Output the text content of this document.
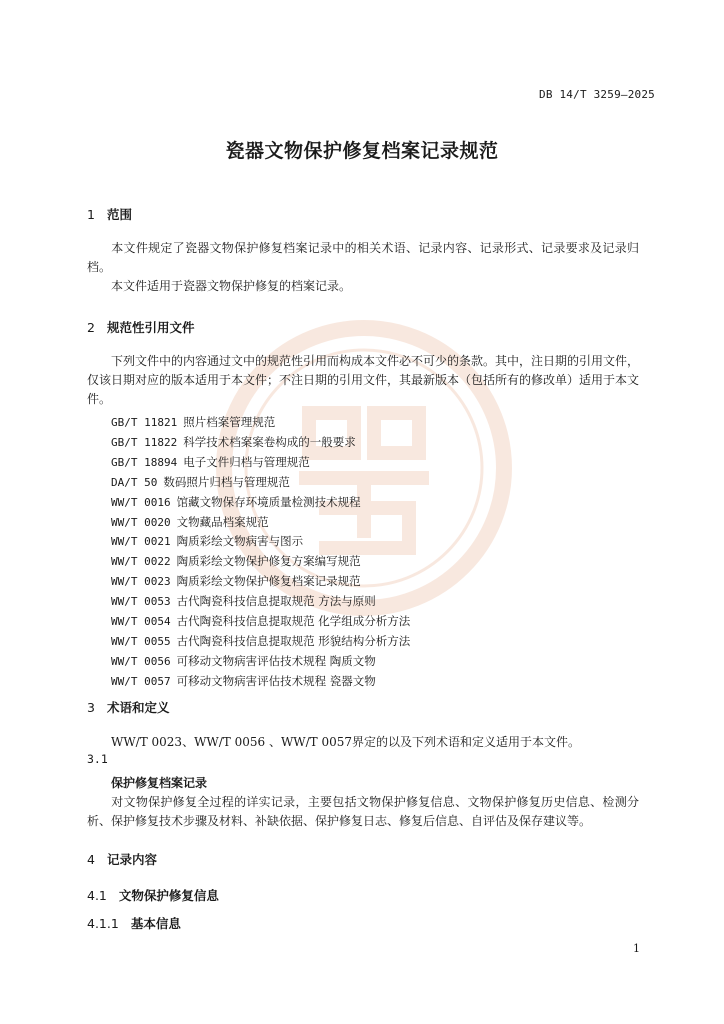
DB 14/T 3259—2025
瓷器文物保护修复档案记录规范
1 范围
本文件规定了瓷器文物保护修复档案记录中的相关术语、记录内容、记录形式、记录要求及记录归档。
本文件适用于瓷器文物保护修复的档案记录。
2 规范性引用文件
下列文件中的内容通过文中的规范性引用而构成本文件必不可少的条款。其中，注日期的引用文件，仅该日期对应的版本适用于本文件；不注日期的引用文件，其最新版本（包括所有的修改单）适用于本文件。
GB/T 11821 照片档案管理规范
GB/T 11822 科学技术档案案卷构成的一般要求
GB/T 18894 电子文件归档与管理规范
DA/T 50 数码照片归档与管理规范
WW/T 0016 馆藏文物保存环境质量检测技术规程
WW/T 0020 文物藏品档案规范
WW/T 0021 陶质彩绘文物病害与图示
WW/T 0022 陶质彩绘文物保护修复方案编写规范
WW/T 0023 陶质彩绘文物保护修复档案记录规范
WW/T 0053 古代陶瓷科技信息提取规范 方法与原则
WW/T 0054 古代陶瓷科技信息提取规范 化学组成分析方法
WW/T 0055 古代陶瓷科技信息提取规范 形貌结构分析方法
WW/T 0056 可移动文物病害评估技术规程 陶质文物
WW/T 0057 可移动文物病害评估技术规程 瓷器文物
3 术语和定义
WW/T 0023、WW/T 0056 、WW/T 0057界定的以及下列术语和定义适用于本文件。
3.1
保护修复档案记录
对文物保护修复全过程的详实记录，主要包括文物保护修复信息、文物保护修复历史信息、检测分析、保护修复技术步骤及材料、补缺依据、保护修复日志、修复后信息、自评估及保存建议等。
4 记录内容
4.1 文物保护修复信息
4.1.1 基本信息
1
